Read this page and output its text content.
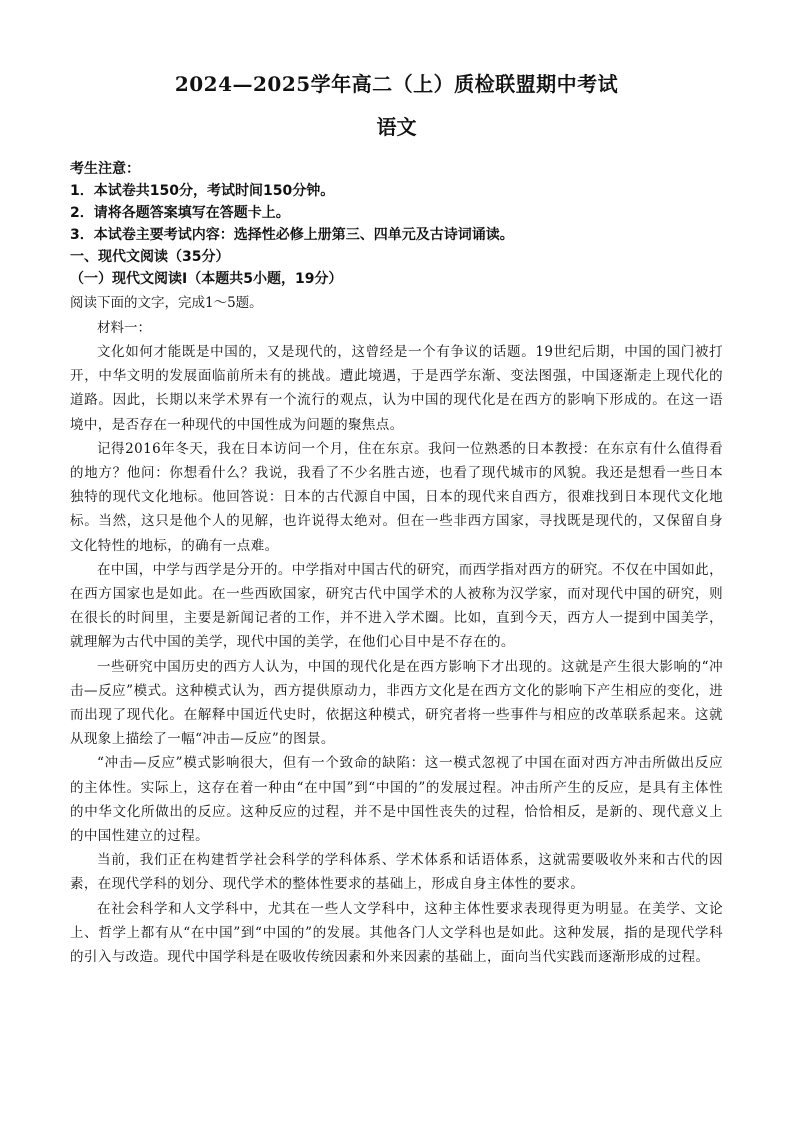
2024—2025学年高二（上）质检联盟期中考试
语文
考生注意：
1．本试卷共150分，考试时间150分钟。
2．请将各题答案填写在答题卡上。
3．本试卷主要考试内容：选择性必修上册第三、四单元及古诗词诵读。
一、现代文阅读（35分）
（一）现代文阅读Ⅰ（本题共5小题，19分）
阅读下面的文字，完成1～5题。
材料一：

文化如何才能既是中国的，又是现代的，这曾经是一个有争议的话题。19世纪后期，中国的国门被打开，中华文明的发展面临前所未有的挑战。遭此境遇，于是西学东渐、变法图强，中国逐渐走上现代化的道路。因此，长期以来学术界有一个流行的观点，认为中国的现代化是在西方的影响下形成的。在这一语境中，是否存在一种现代的中国性成为问题的聚焦点。

记得2016年冬天，我在日本访问一个月，住在东京。我问一位熟悉的日本教授：在东京有什么值得看的地方？他问：你想看什么？我说，我看了不少名胜古迹，也看了现代城市的风貌。我还是想看一些日本独特的现代文化地标。他回答说：日本的古代源自中国，日本的现代来自西方，很难找到日本现代文化地标。当然，这只是他个人的见解，也许说得太绝对。但在一些非西方国家，寻找既是现代的，又保留自身文化特性的地标，的确有一点难。

在中国，中学与西学是分开的。中学指对中国古代的研究，而西学指对西方的研究。不仅在中国如此，在西方国家也是如此。在一些西欧国家，研究古代中国学术的人被称为汉学家，而对现代中国的研究，则在很长的时间里，主要是新闻记者的工作，并不进入学术圈。比如，直到今天，西方人一提到中国美学，就理解为古代中国的美学，现代中国的美学，在他们心目中是不存在的。

一些研究中国历史的西方人认为，中国的现代化是在西方影响下才出现的。这就是产生很大影响的“冲击—反应”模式。这种模式认为，西方提供原动力，非西方文化是在西方文化的影响下产生相应的变化，进而出现了现代化。在解释中国近代史时，依据这种模式，研究者将一些事件与相应的改革联系起来。这就从现象上描绘了一幅“冲击—反应”的图景。

“冲击—反应”模式影响很大，但有一个致命的缺陷：这一模式忽视了中国在面对西方冲击所做出反应的主体性。实际上，这存在着一种由“在中国”到“中国的”的发展过程。冲击所产生的反应，是具有主体性的中华文化所做出的反应。这种反应的过程，并不是中国性丧失的过程，恰恰相反，是新的、现代意义上的中国性建立的过程。

当前，我们正在构建哲学社会科学的学科体系、学术体系和话语体系，这就需要吸收外来和古代的因素，在现代学科的划分、现代学术的整体性要求的基础上，形成自身主体性的要求。

在社会科学和人文学科中，尤其在一些人文学科中，这种主体性要求表现得更为明显。在美学、文论上、哲学上都有从“在中国”到“中国的”的发展。其他各门人文学科也是如此。这种发展，指的是现代学科的引入与改造。现代中国学科是在吸收传统因素和外来因素的基础上，面向当代实践而逐渐形成的过程。
